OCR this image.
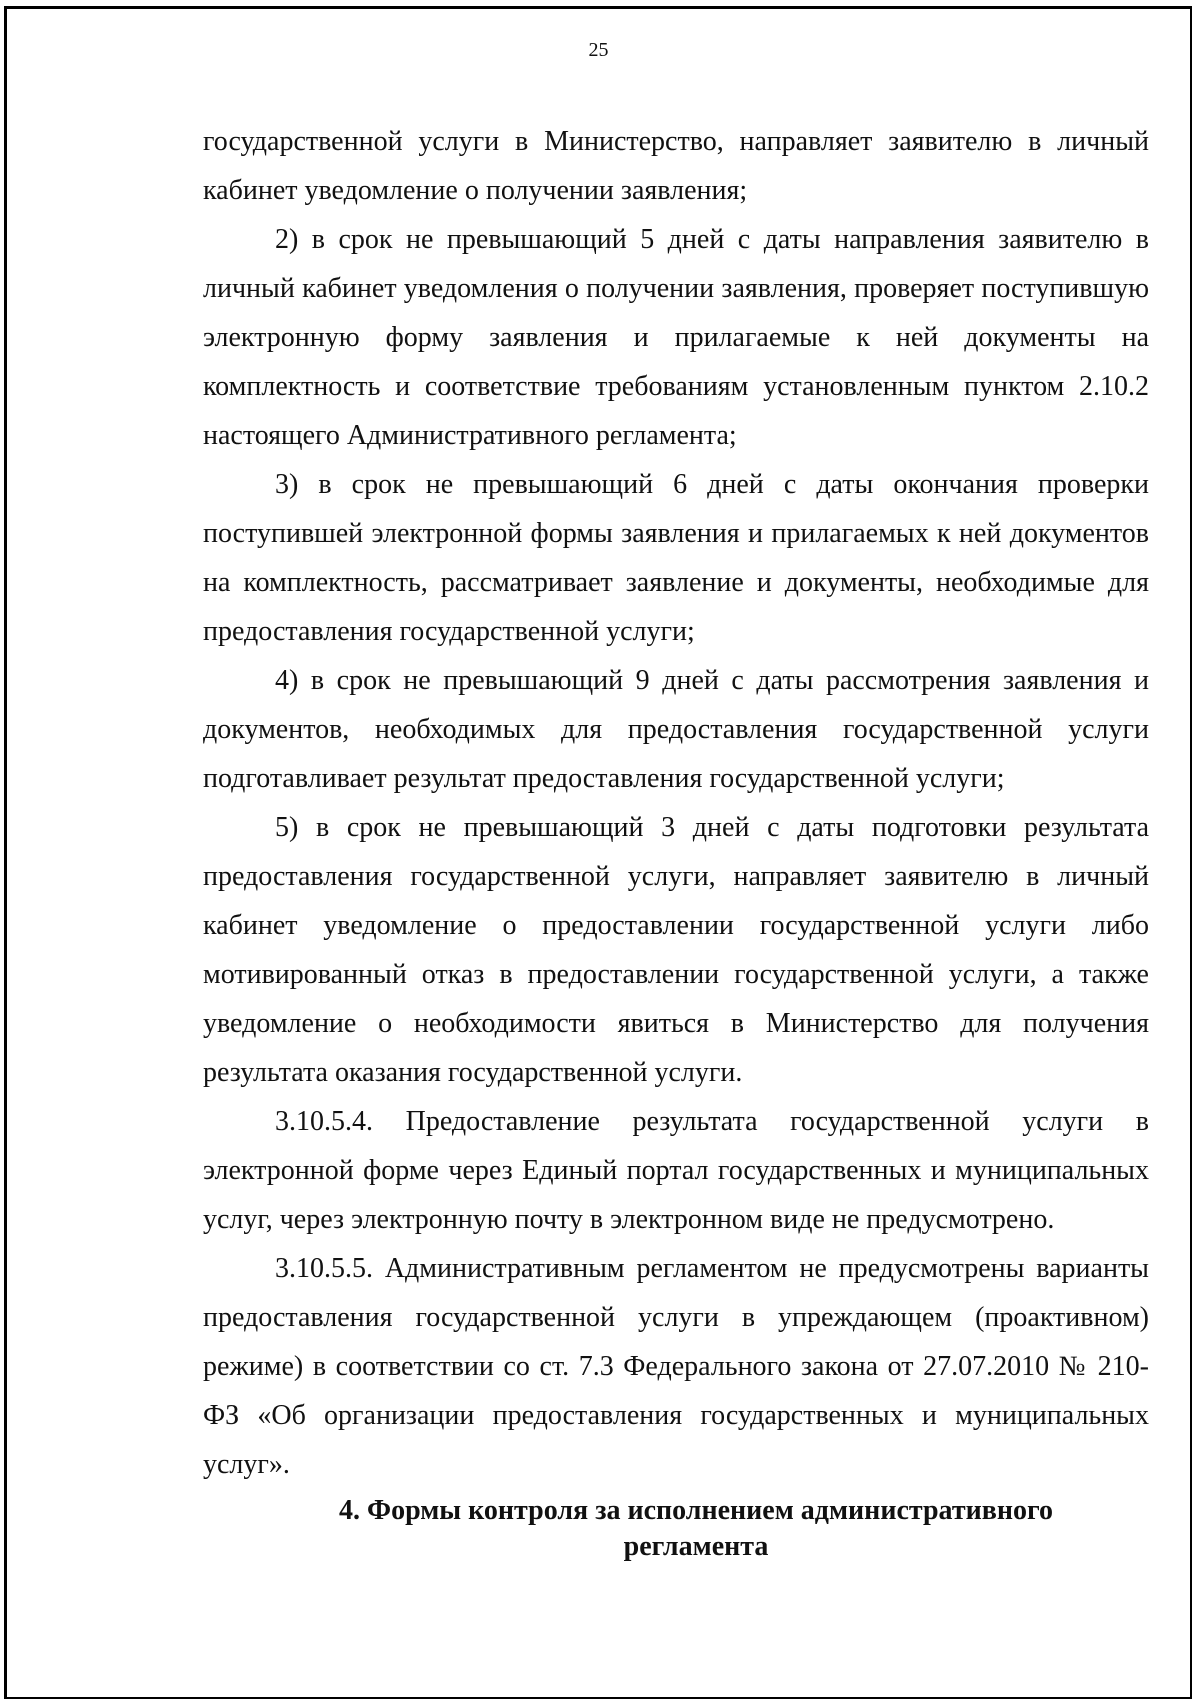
25

государственной услуги в Министерство, направляет заявителю в личный кабинет уведомление о получении заявления;

2) в срок не превышающий 5 дней с даты направления заявителю в личный кабинет уведомления о получении заявления, проверяет поступившую электронную форму заявления и прилагаемые к ней документы на комплектность и соответствие требованиям установленным пунктом 2.10.2 настоящего Административного регламента;

3) в срок не превышающий 6 дней с даты окончания проверки поступившей электронной формы заявления и прилагаемых к ней документов на комплектность, рассматривает заявление и документы, необходимые для предоставления государственной услуги;

4) в срок не превышающий 9 дней с даты рассмотрения заявления и документов, необходимых для предоставления государственной услуги подготавливает результат предоставления государственной услуги;

5) в срок не превышающий 3 дней с даты подготовки результата предоставления государственной услуги, направляет заявителю в личный кабинет уведомление о предоставлении государственной услуги либо мотивированный отказ в предоставлении государственной услуги, а также уведомление о необходимости явиться в Министерство для получения результата оказания государственной услуги.

3.10.5.4. Предоставление результата государственной услуги в электронной форме через Единый портал государственных и муниципальных услуг, через электронную почту в электронном виде не предусмотрено.

3.10.5.5. Административным регламентом не предусмотрены варианты предоставления государственной услуги в упреждающем (проактивном) режиме) в соответствии со ст. 7.3 Федерального закона от 27.07.2010 № 210-ФЗ «Об организации предоставления государственных и муниципальных услуг».

4. Формы контроля за исполнением административного
регламента
